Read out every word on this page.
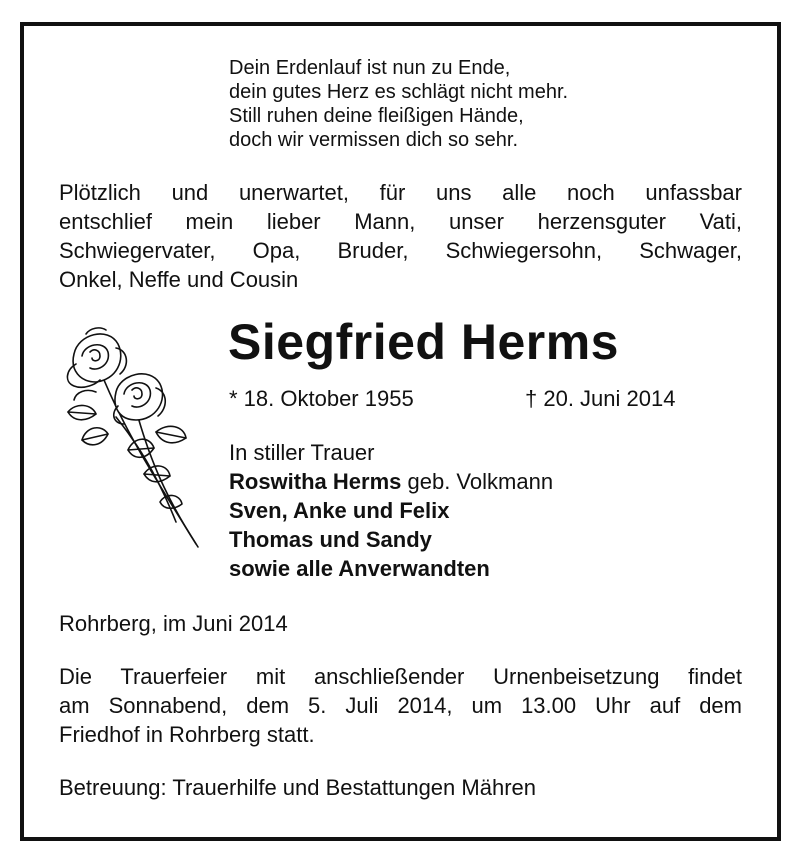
Dein Erdenlauf ist nun zu Ende,
dein gutes Herz es schlägt nicht mehr.
Still ruhen deine fleißigen Hände,
doch wir vermissen dich so sehr.
Plötzlich und unerwartet, für uns alle noch unfassbar
entschlief mein lieber Mann, unser herzensguter Vati,
Schwiegervater, Opa, Bruder, Schwiegersohn, Schwager,
Onkel, Neffe und Cousin
Siegfried Herms
* 18. Oktober 1955	† 20. Juni 2014
In stiller Trauer
Roswitha Herms geb. Volkmann
Sven, Anke und Felix
Thomas und Sandy
sowie alle Anverwandten
Rohrberg, im Juni 2014
Die Trauerfeier mit anschließender Urnenbeisetzung findet
am Sonnabend, dem 5. Juli 2014, um 13.00 Uhr auf dem
Friedhof in Rohrberg statt.
Betreuung: Trauerhilfe und Bestattungen Mähren
